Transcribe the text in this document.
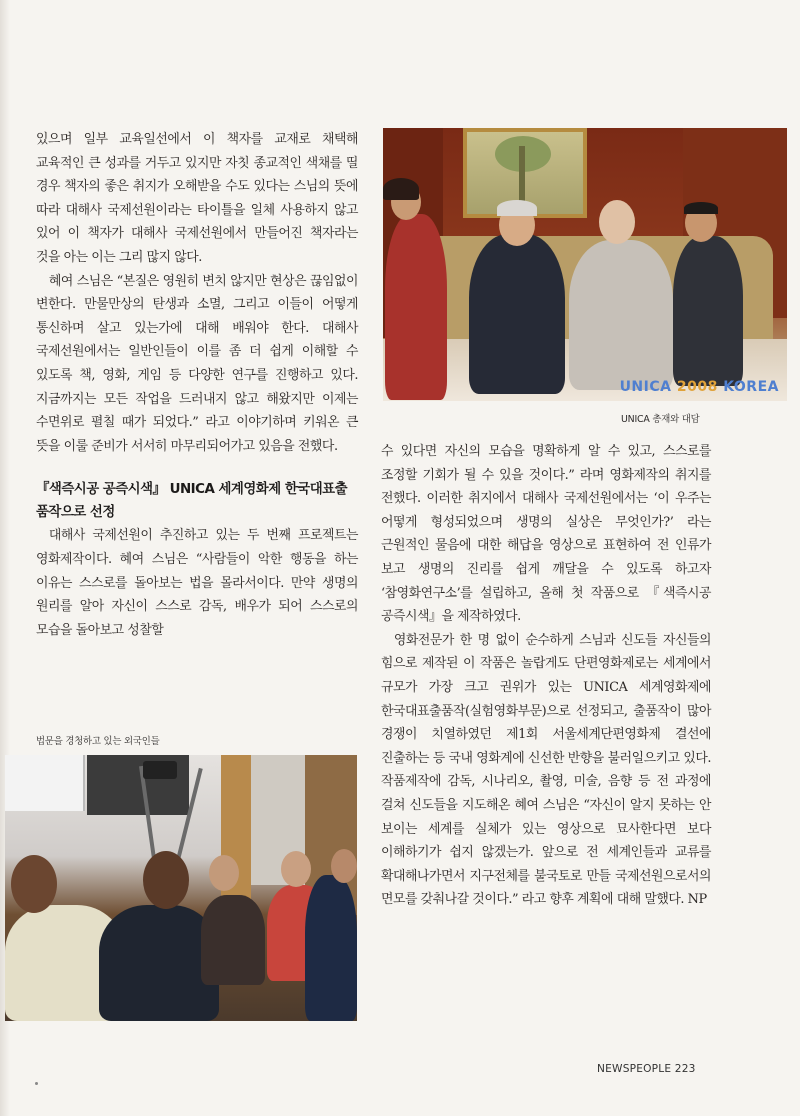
있으며 일부 교육일선에서 이 책자를 교재로 채택해 교육적인 큰 성과를 거두고 있지만 자칫 종교적인 색채를 띨 경우 책자의 좋은 취지가 오해받을 수도 있다는 스님의 뜻에 따라 대해사 국제선원이라는 타이틀을 일체 사용하지 않고 있어 이 책자가 대해사 국제선원에서 만들어진 책자라는 것을 아는 이는 그리 많지 않다.

혜여 스님은 “본질은 영원히 변치 않지만 현상은 끊임없이 변한다. 만물만상의 탄생과 소멸, 그리고 이들이 어떻게 통신하며 살고 있는가에 대해 배워야 한다. 대해사 국제선원에서는 일반인들이 이를 좀 더 쉽게 이해할 수 있도록 책, 영화, 게임 등 다양한 연구를 진행하고 있다. 지금까지는 모든 작업을 드러내지 않고 해왔지만 이제는 수면위로 펼칠 때가 되었다.” 라고 이야기하며 키워온 큰 뜻을 이룰 준비가 서서히 마무리되어가고 있음을 전했다.

『색즉시공 공즉시색』 UNICA 세계영화제 한국대표출품작으로 선정

대해사 국제선원이 추진하고 있는 두 번째 프로젝트는 영화제작이다. 혜여 스님은 “사람들이 악한 행동을 하는 이유는 스스로를 돌아보는 법을 몰라서이다. 만약 생명의 원리를 알아 자신이 스스로 감독, 배우가 되어 스스로의 모습을 돌아보고 성찰할

UNICA 2008 KOREA
UNICA 총재와 대담

수 있다면 자신의 모습을 명확하게 알 수 있고, 스스로를 조정할 기회가 될 수 있을 것이다.” 라며 영화제작의 취지를 전했다. 이러한 취지에서 대해사 국제선원에서는 ‘이 우주는 어떻게 형성되었으며 생명의 실상은 무엇인가?’ 라는 근원적인 물음에 대한 해답을 영상으로 표현하여 전 인류가 보고 생명의 진리를 쉽게 깨달을 수 있도록 하고자 ‘참영화연구소’를 설립하고, 올해 첫 작품으로 『색즉시공 공즉시색』을 제작하였다.

영화전문가 한 명 없이 순수하게 스님과 신도들 자신들의 힘으로 제작된 이 작품은 놀랍게도 단편영화제로는 세계에서 규모가 가장 크고 권위가 있는 UNICA 세계영화제에 한국대표출품작(실험영화부문)으로 선정되고, 출품작이 많아 경쟁이 치열하였던 제1회 서울세계단편영화제 결선에 진출하는 등 국내 영화계에 신선한 반향을 불러일으키고 있다. 작품제작에 감독, 시나리오, 촬영, 미술, 음향 등 전 과정에 걸쳐 신도들을 지도해온 혜여 스님은 “자신이 알지 못하는 안 보이는 세계를 실체가 있는 영상으로 묘사한다면 보다 이해하기가 쉽지 않겠는가. 앞으로 전 세계인들과 교류를 확대해나가면서 지구전체를 불국토로 만들 국제선원으로서의 면모를 갖춰나갈 것이다.” 라고 향후 계획에 대해 말했다. NP

법문을 경청하고 있는 외국인들
NEWSPEOPLE 223
